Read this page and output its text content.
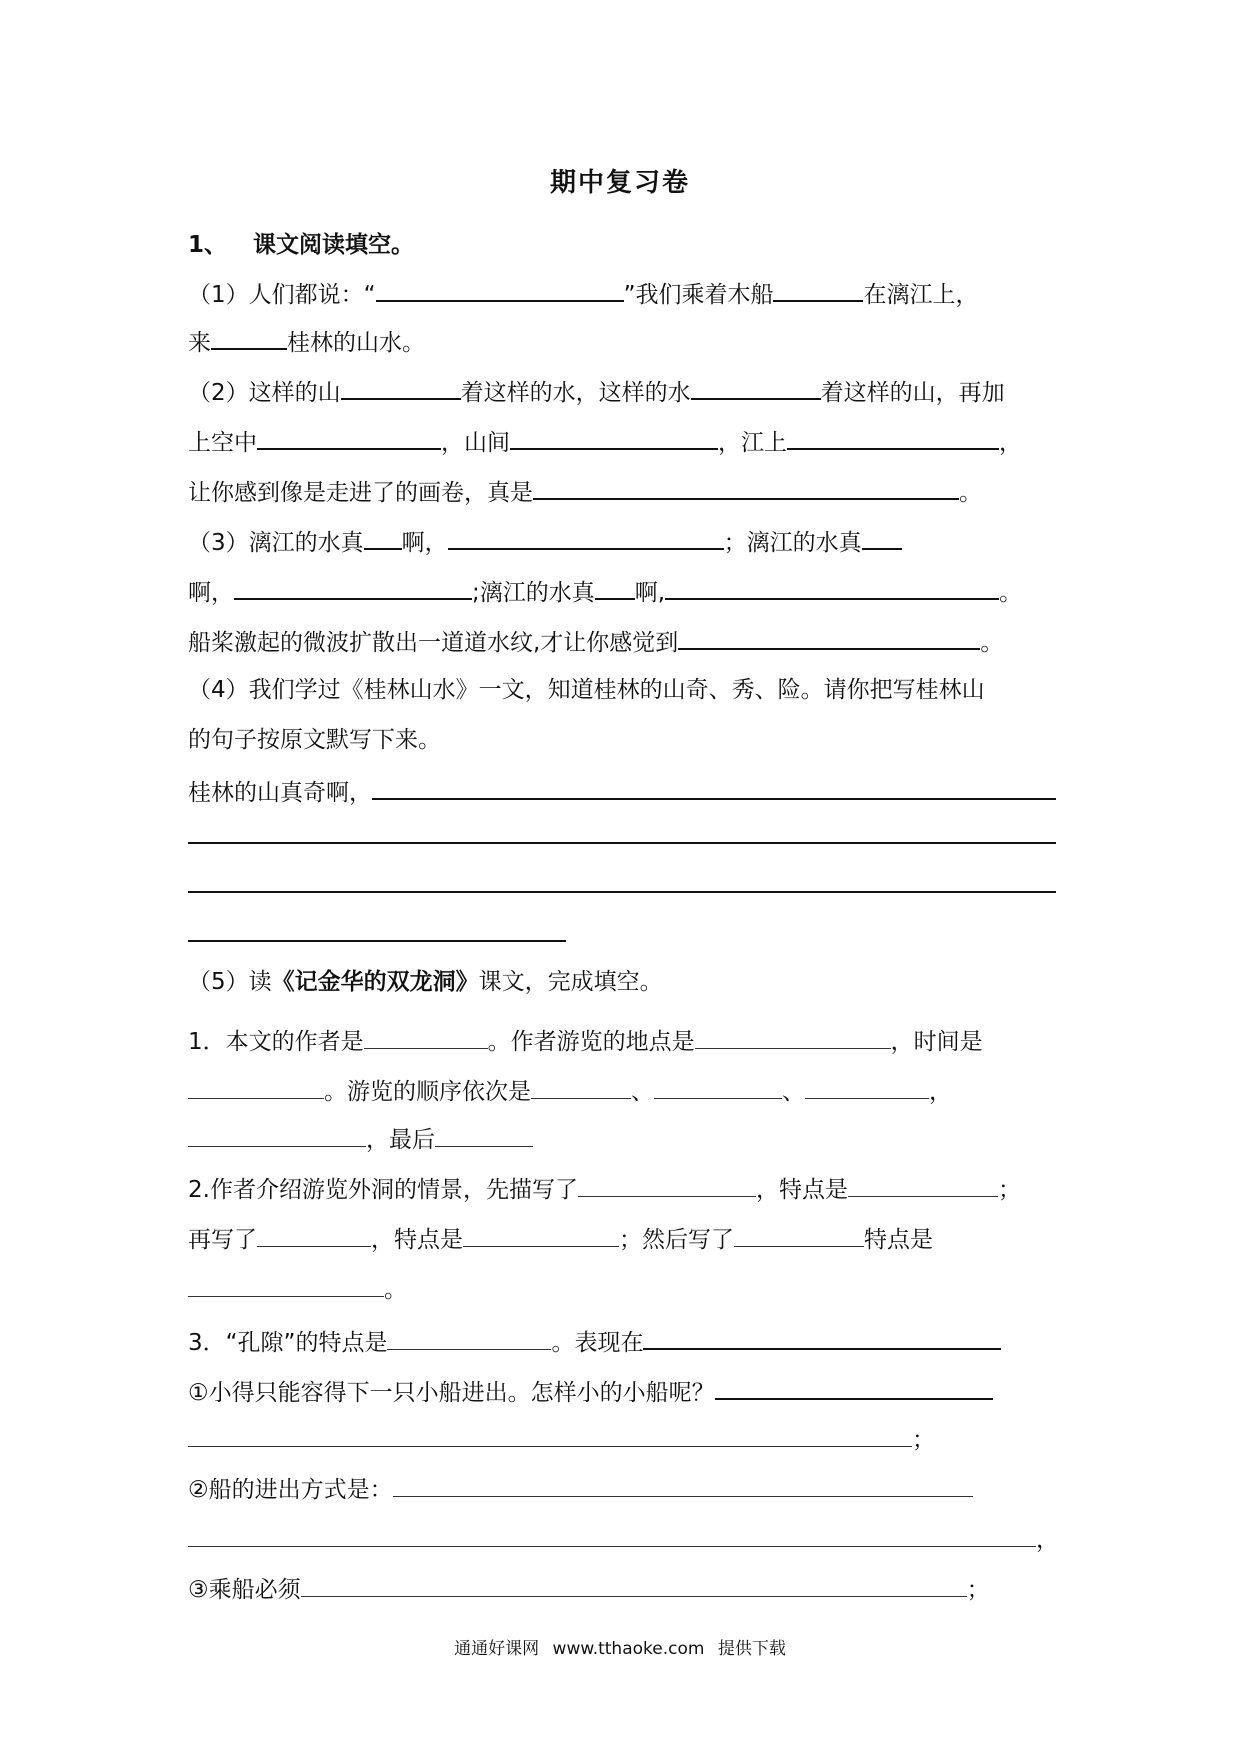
期中复习卷
1、 课文阅读填空。
（1）人们都说：“	”我们乘着木船	在漓江上，
来	桂林的山水。
（2）这样的山	着这样的水，这样的水	着这样的山，再加
上空中	，山间	，江上	，
让你感到像是走进了的画卷，真是	。
（3）漓江的水真 啊，	；漓江的水真
啊，	;漓江的水真 啊,	。
船桨激起的微波扩散出一道道水纹,才让你感觉到	。
（4）我们学过《桂林山水》一文，知道桂林的山奇、秀、险。请你把写桂林山
的句子按原文默写下来。
桂林的山真奇啊，
（5）读《记金华的双龙洞》课文，完成填空。
1．本文的作者是	。作者游览的地点是	，时间是
。游览的顺序依次是	、	、	，
，最后
2.作者介绍游览外洞的情景，先描写了	，特点是	；
再写了	，特点是	；然后写了	特点是
。
3．“孔隙”的特点是	。表现在
①小得只能容得下一只小船进出。怎样小的小船呢？
；
②船的进出方式是：
，
③乘船必须	；
通通好课网 www.tthaoke.com 提供下载
